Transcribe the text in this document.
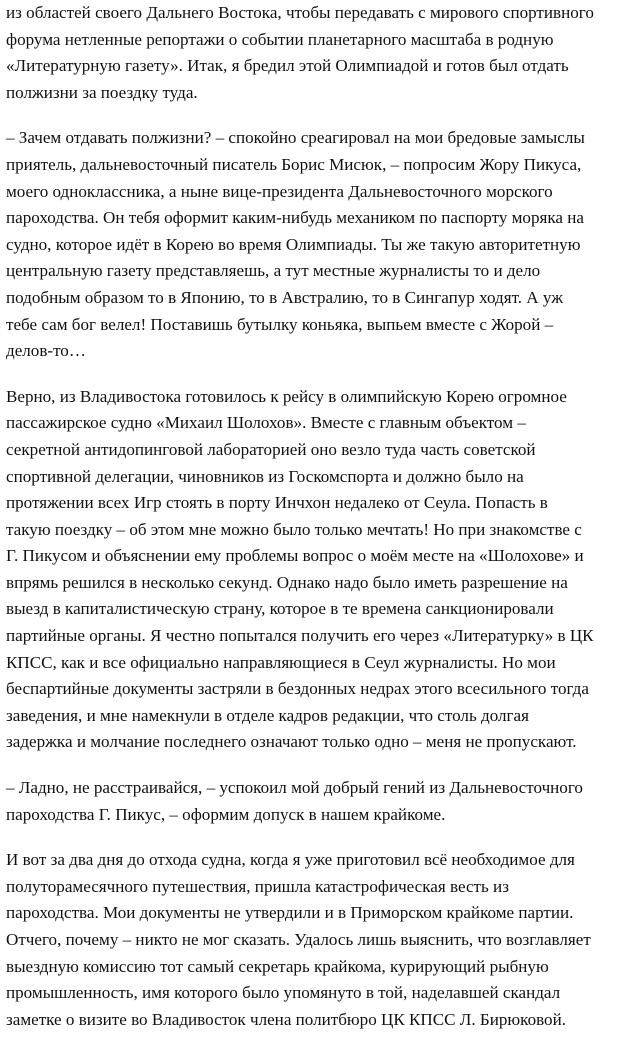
из областей своего Дальнего Востока, чтобы передавать с мирового спортивного
форума нетленные репортажи о событии планетарного масштаба в родную
«Литературную газету». Итак, я бредил этой Олимпиадой и готов был отдать
полжизни за поездку туда.
– Зачем отдавать полжизни? – спокойно среагировал на мои бредовые замыслы
приятель, дальневосточный писатель Борис Мисюк, – попросим Жору Пикуса,
моего одноклассника, а ныне вице-президента Дальневосточного морского
пароходства. Он тебя оформит каким-нибудь механиком по паспорту моряка на
судно, которое идёт в Корею во время Олимпиады. Ты же такую авторитетную
центральную газету представляешь, а тут местные журналисты то и дело
подобным образом то в Японию, то в Австралию, то в Сингапур ходят. А уж
тебе сам бог велел! Поставишь бутылку коньяка, выпьем вместе с Жорой –
делов-то…
Верно, из Владивостока готовилось к рейсу в олимпийскую Корею огромное
пассажирское судно «Михаил Шолохов». Вместе с главным объектом –
секретной антидопинговой лабораторией оно везло туда часть советской
спортивной делегации, чиновников из Госкомспорта и должно было на
протяжении всех Игр стоять в порту Инчхон недалеко от Сеула. Попасть в
такую поездку – об этом мне можно было только мечтать! Но при знакомстве с
Г. Пикусом и объяснении ему проблемы вопрос о моём месте на «Шолохове» и
впрямь решился в несколько секунд. Однако надо было иметь разрешение на
выезд в капиталистическую страну, которое в те времена санкционировали
партийные органы. Я честно попытался получить его через «Литературку» в ЦК
КПСС, как и все официально направляющиеся в Сеул журналисты. Но мои
беспартийные документы застряли в бездонных недрах этого всесильного тогда
заведения, и мне намекнули в отделе кадров редакции, что столь долгая
задержка и молчание последнего означают только одно – меня не пропускают.
– Ладно, не расстраивайся, – успокоил мой добрый гений из Дальневосточного
пароходства Г. Пикус, – оформим допуск в нашем крайкоме.
И вот за два дня до отхода судна, когда я уже приготовил всё необходимое для
полуторамесячного путешествия, пришла катастрофическая весть из
пароходства. Мои документы не утвердили и в Приморском крайкоме партии.
Отчего, почему – никто не мог сказать. Удалось лишь выяснить, что возглавляет
выездную комиссию тот самый секретарь крайкома, курирующий рыбную
промышленность, имя которого было упомянуто в той, наделавшей скандал
заметке о визите во Владивосток члена политбюро ЦК КПСС Л. Бирюковой.
